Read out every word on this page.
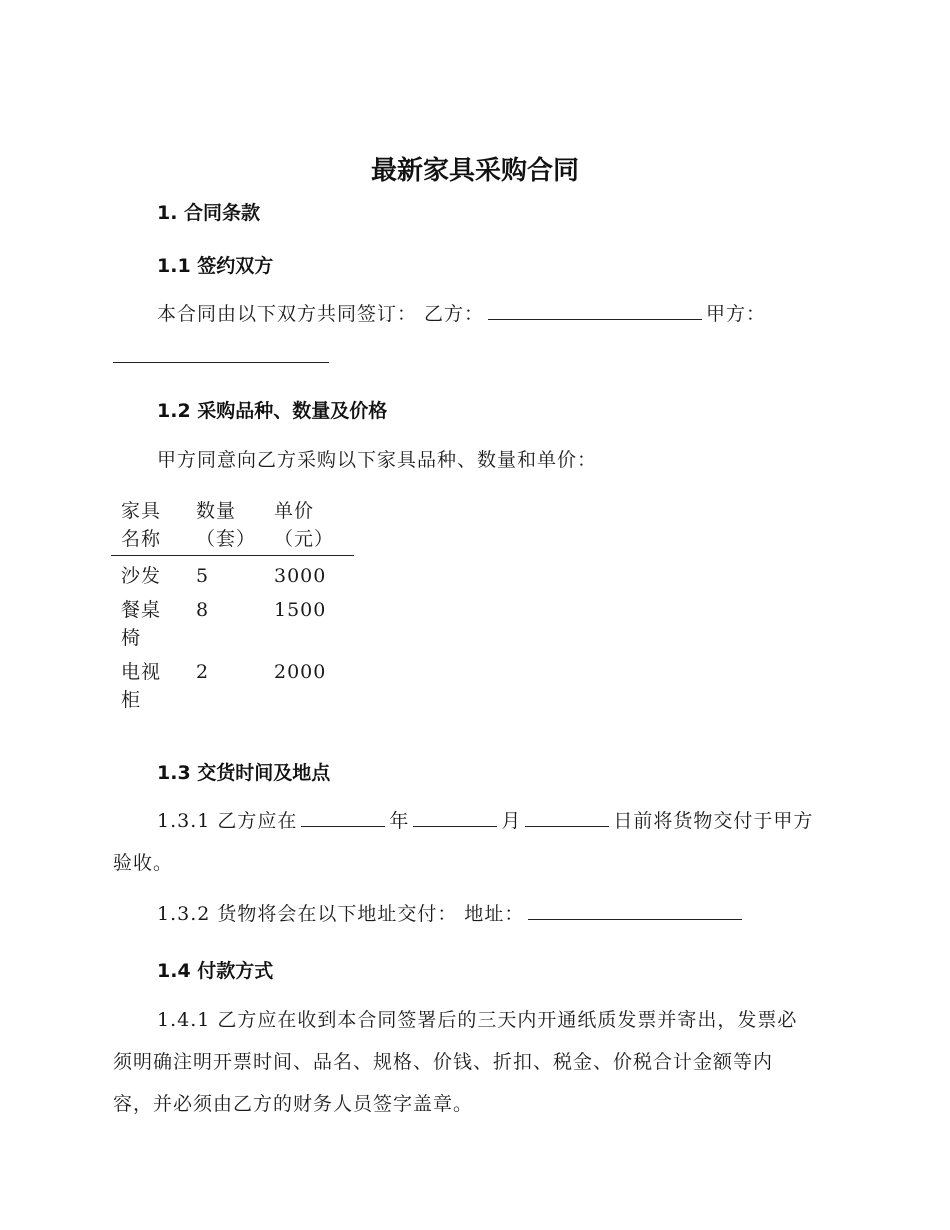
最新家具采购合同
1. 合同条款
1.1 签约双方
本合同由以下双方共同签订： 乙方：	甲方：
1.2 采购品种、数量及价格
甲方同意向乙方采购以下家具品种、数量和单价：
家具名称	数量（套）	单价（元）
沙发	5	3000
餐桌椅	8	1500
电视柜	2	2000
1.3 交货时间及地点
1.3.1 乙方应在	年	月	日前将货物交付于甲方
验收。
1.3.2 货物将会在以下地址交付： 地址：
1.4 付款方式
1.4.1 乙方应在收到本合同签署后的三天内开通纸质发票并寄出，发票必
须明确注明开票时间、品名、规格、价钱、折扣、税金、价税合计金额等内
容，并必须由乙方的财务人员签字盖章。
